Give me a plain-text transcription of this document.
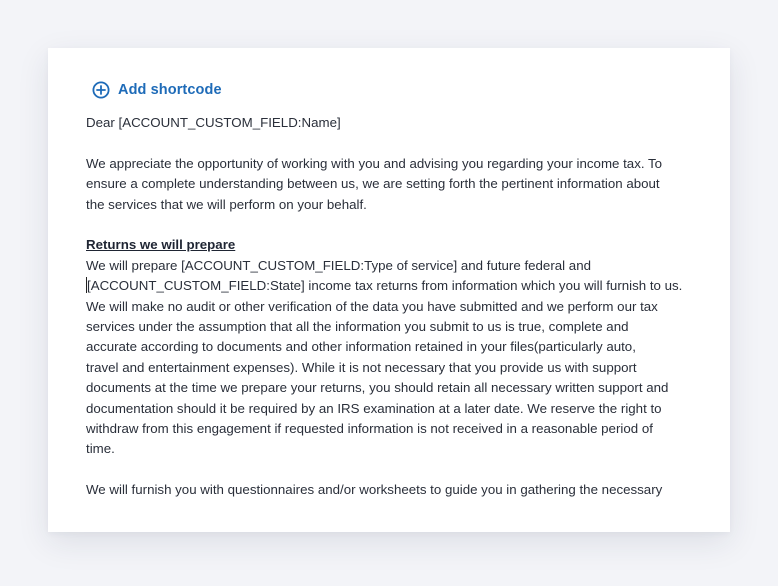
Add shortcode

Dear [ACCOUNT_CUSTOM_FIELD:Name]

We appreciate the opportunity of working with you and advising you regarding your income tax. To

ensure a complete understanding between us, we are setting forth the pertinent information about

the services that we will perform on your behalf.

Returns we will prepare

We will prepare [ACCOUNT_CUSTOM_FIELD:Type of service] and future federal and

[ACCOUNT_CUSTOM_FIELD:State] income tax returns from information which you will furnish to us.

We will make no audit or other verification of the data you have submitted and we perform our tax

services under the assumption that all the information you submit to us is true, complete and

accurate according to documents and other information retained in your files(particularly auto,

travel and entertainment expenses). While it is not necessary that you provide us with support

documents at the time we prepare your returns, you should retain all necessary written support and

documentation should it be required by an IRS examination at a later date. We reserve the right to

withdraw from this engagement if requested information is not received in a reasonable period of

time.

We will furnish you with questionnaires and/or worksheets to guide you in gathering the necessary
